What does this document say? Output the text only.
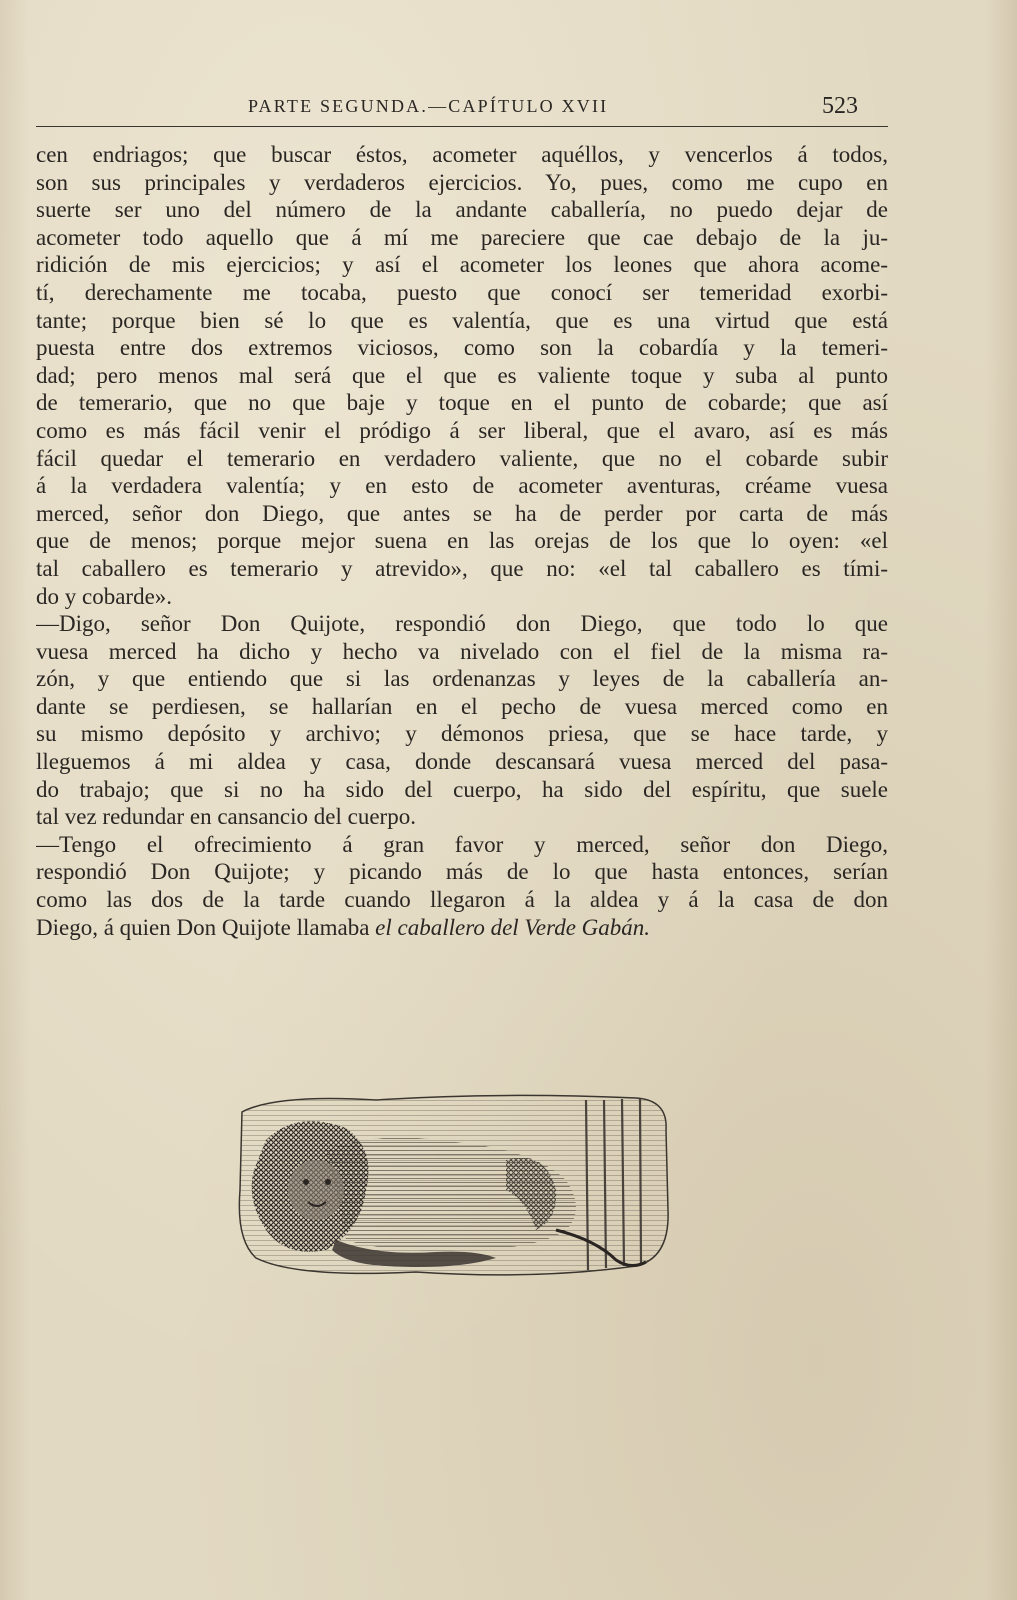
PARTE SEGUNDA.—CAPÍTULO XVII	523
cen endriagos; que buscar éstos, acometer aquéllos, y vencerlos á todos,
son sus principales y verdaderos ejercicios. Yo, pues, como me cupo en
suerte ser uno del número de la andante caballería, no puedo dejar de
acometer todo aquello que á mí me pareciere que cae debajo de la ju-
ridición de mis ejercicios; y así el acometer los leones que ahora acome-
tí, derechamente me tocaba, puesto que conocí ser temeridad exorbi-
tante; porque bien sé lo que es valentía, que es una virtud que está
puesta entre dos extremos viciosos, como son la cobardía y la temeri-
dad; pero menos mal será que el que es valiente toque y suba al punto
de temerario, que no que baje y toque en el punto de cobarde; que así
como es más fácil venir el pródigo á ser liberal, que el avaro, así es más
fácil quedar el temerario en verdadero valiente, que no el cobarde subir
á la verdadera valentía; y en esto de acometer aventuras, créame vuesa
merced, señor don Diego, que antes se ha de perder por carta de más
que de menos; porque mejor suena en las orejas de los que lo oyen: «el
tal caballero es temerario y atrevido», que no: «el tal caballero es tími-
do y cobarde».
—Digo, señor Don Quijote, respondió don Diego, que todo lo que
vuesa merced ha dicho y hecho va nivelado con el fiel de la misma ra-
zón, y que entiendo que si las ordenanzas y leyes de la caballería an-
dante se perdiesen, se hallarían en el pecho de vuesa merced como en
su mismo depósito y archivo; y démonos priesa, que se hace tarde, y
lleguemos á mi aldea y casa, donde descansará vuesa merced del pasa-
do trabajo; que si no ha sido del cuerpo, ha sido del espíritu, que suele
tal vez redundar en cansancio del cuerpo.
—Tengo el ofrecimiento á gran favor y merced, señor don Diego,
respondió Don Quijote; y picando más de lo que hasta entonces, serían
como las dos de la tarde cuando llegaron á la aldea y á la casa de don
Diego, á quien Don Quijote llamaba el caballero del Verde Gabán.
